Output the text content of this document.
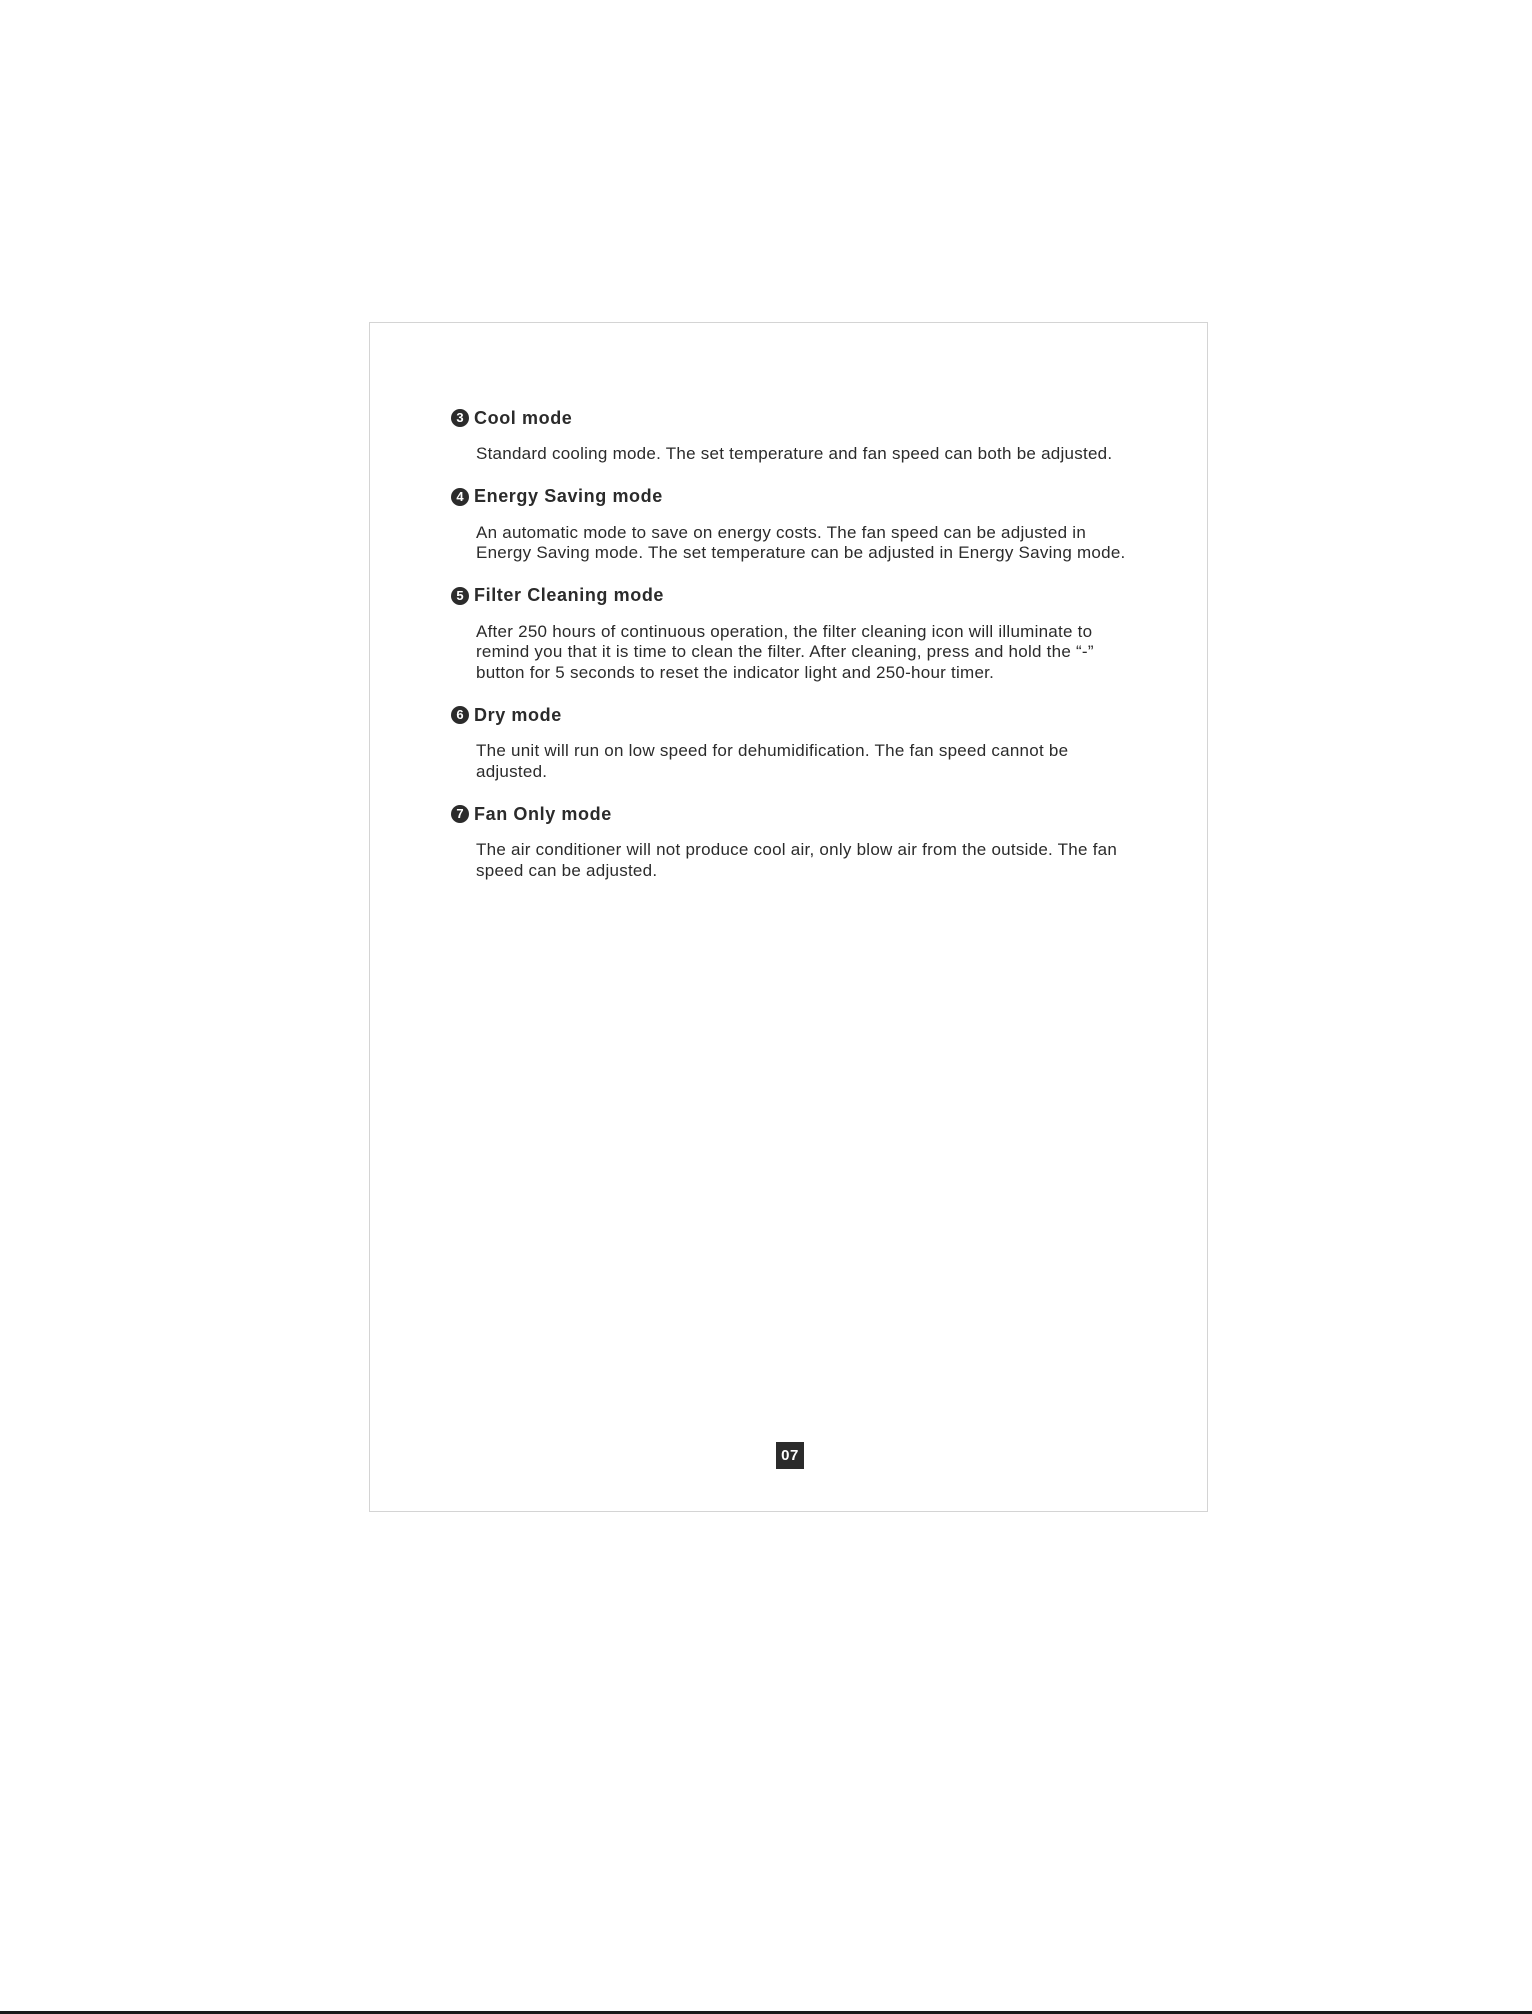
3 Cool mode
Standard cooling mode. The set temperature and fan speed can both be adjusted.
4 Energy Saving mode
An automatic mode to save on energy costs. The fan speed can be adjusted in Energy Saving mode. The set temperature can be adjusted in Energy Saving mode.
5 Filter Cleaning mode
After 250 hours of continuous operation, the filter cleaning icon will illuminate to remind you that it is time to clean the filter. After cleaning, press and hold the “-” button for 5 seconds to reset the indicator light and 250-hour timer.
6 Dry mode
The unit will run on low speed for dehumidification. The fan speed cannot be adjusted.
7 Fan Only mode
The air conditioner will not produce cool air, only blow air from the outside. The fan speed can be adjusted.
07
